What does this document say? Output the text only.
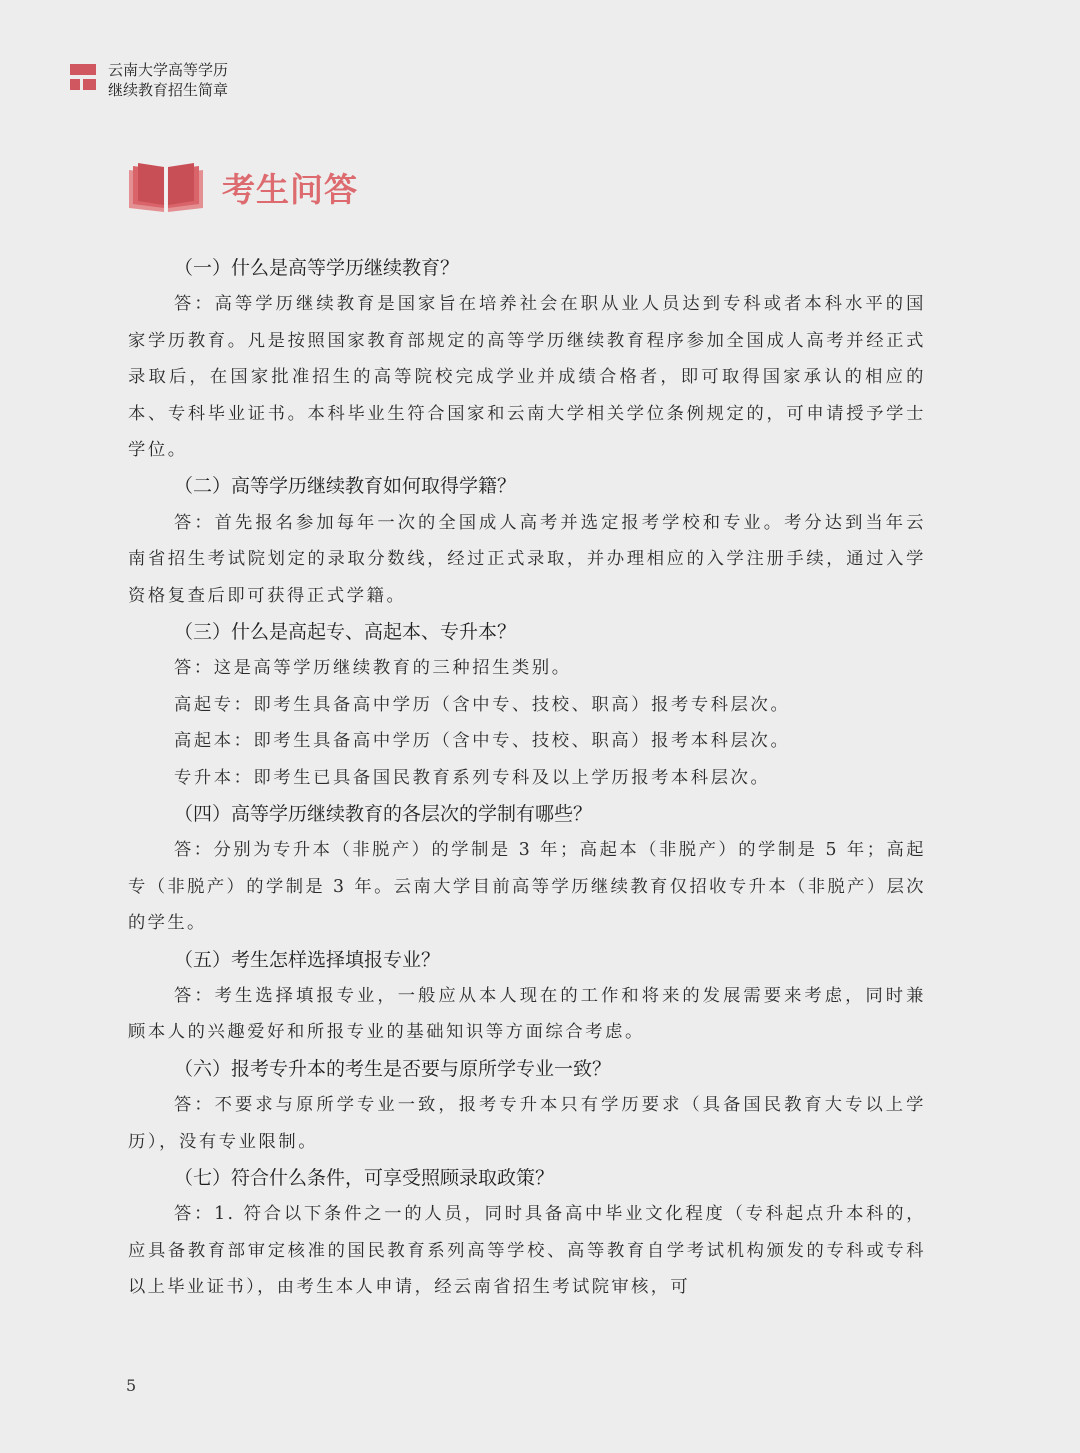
云南大学高等学历
继续教育招生简章
考生问答
（一）什么是高等学历继续教育？

答：高等学历继续教育是国家旨在培养社会在职从业人员达到专科或者本科水平的国家学历教育。凡是按照国家教育部规定的高等学历继续教育程序参加全国成人高考并经正式录取后，在国家批准招生的高等院校完成学业并成绩合格者，即可取得国家承认的相应的本、专科毕业证书。本科毕业生符合国家和云南大学相关学位条例规定的，可申请授予学士学位。

（二）高等学历继续教育如何取得学籍？

答：首先报名参加每年一次的全国成人高考并选定报考学校和专业。考分达到当年云南省招生考试院划定的录取分数线，经过正式录取，并办理相应的入学注册手续，通过入学资格复查后即可获得正式学籍。

（三）什么是高起专、高起本、专升本？

答：这是高等学历继续教育的三种招生类别。

高起专：即考生具备高中学历（含中专、技校、职高）报考专科层次。

高起本：即考生具备高中学历（含中专、技校、职高）报考本科层次。

专升本：即考生已具备国民教育系列专科及以上学历报考本科层次。

（四）高等学历继续教育的各层次的学制有哪些？

答：分别为专升本（非脱产）的学制是 3 年；高起本（非脱产）的学制是 5 年；高起专（非脱产）的学制是 3 年。云南大学目前高等学历继续教育仅招收专升本（非脱产）层次的学生。

（五）考生怎样选择填报专业？

答：考生选择填报专业，一般应从本人现在的工作和将来的发展需要来考虑，同时兼顾本人的兴趣爱好和所报专业的基础知识等方面综合考虑。

（六）报考专升本的考生是否要与原所学专业一致？

答：不要求与原所学专业一致，报考专升本只有学历要求（具备国民教育大专以上学历），没有专业限制。

（七）符合什么条件，可享受照顾录取政策？

答：1. 符合以下条件之一的人员，同时具备高中毕业文化程度（专科起点升本科的，应具备教育部审定核准的国民教育系列高等学校、高等教育自学考试机构颁发的专科或专科以上毕业证书），由考生本人申请，经云南省招生考试院审核，可

5
